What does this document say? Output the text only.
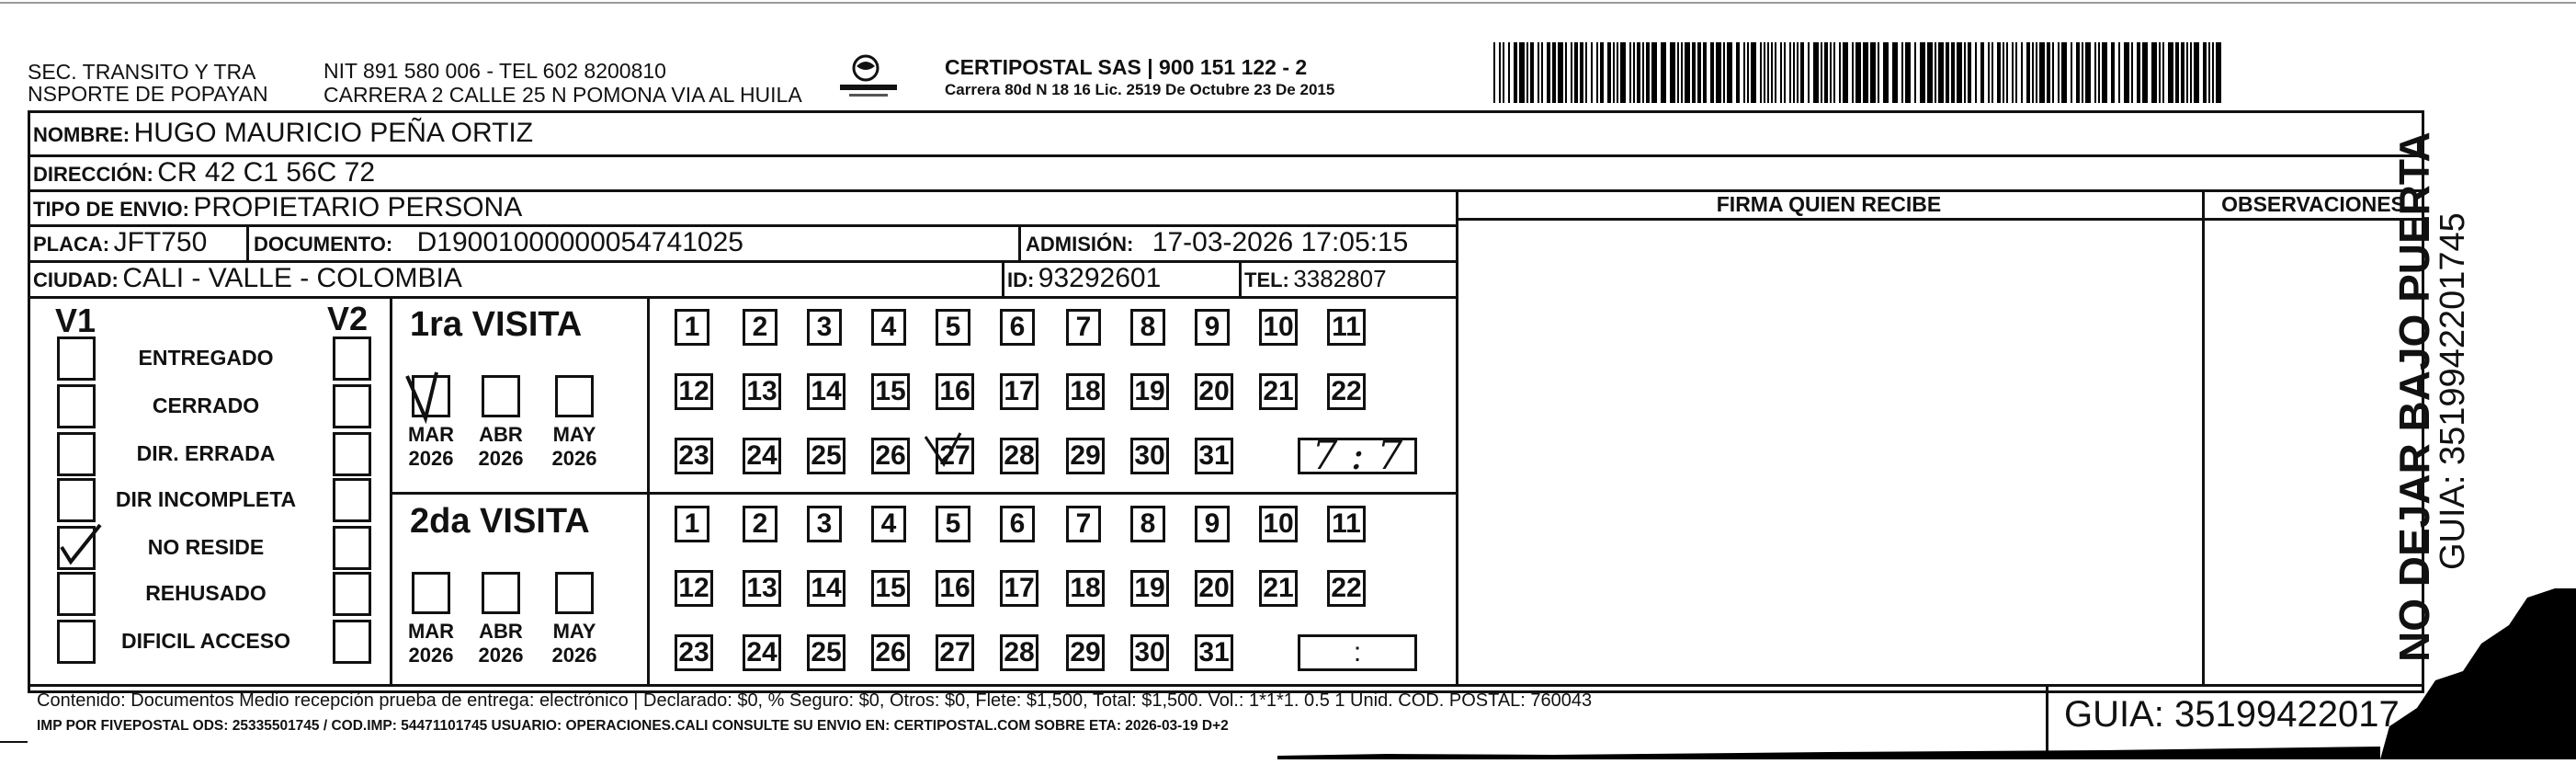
SEC. TRANSITO Y TRA
NSPORTE DE POPAYAN
NIT 891 580 006 - TEL 602 8200810
CARRERA 2 CALLE 25 N POMONA VIA AL HUILA
CERTIPOSTAL SAS | 900 151 122 - 2
Carrera 80d N 18 16 Lic. 2519 De Octubre 23 De 2015
NOMBRE: HUGO MAURICIO PEÑA ORTIZ
DIRECCIÓN: CR 42 C1 56C 72
TIPO DE ENVIO: PROPIETARIO PERSONA	FIRMA QUIEN RECIBE	OBSERVACIONES
PLACA: JFT750 DOCUMENTO: D19001000000054741025	ADMISIÓN: 17-03-2026 17:05:15
CIUDAD: CALI - VALLE - COLOMBIA	ID: 93292601	TEL: 3382807
V1	V2
ENTREGADO
CERRADO
DIR. ERRADA
DIR INCOMPLETA
NO RESIDE
REHUSADO
DIFICIL ACCESO
1ra VISITA
MAR
2026
ABR
2026
MAY
2026
1	2	3	4	5	6	7	8	9	10 11
12 13 14 15 16 17 18 19 20 21 22
23 24 25 26 27 28 29 30 31	7 : 7
2da VISITA
MAR
2026
ABR
2026
MAY
2026
1	2	3	4	5	6	7	8	9	10 11
12 13 14 15 16 17 18 19 20 21 22
23 24 25 26 27 28 29 30 31	:
Contenido: Documentos Medio recepción prueba de entrega: electrónico | Declarado: $0, % Seguro: $0, Otros: $0, Flete: $1,500, Total: $1,500. Vol.: 1*1*1. 0.5 1 Unid. COD. POSTAL: 760043
IMP POR FIVEPOSTAL ODS: 25335501745 / COD.IMP: 54471101745 USUARIO: OPERACIONES.CALI CONSULTE SU ENVIO EN: CERTIPOSTAL.COM SOBRE ETA: 2026-03-19 D+2	GUIA: 35199422017
NO DEJAR BAJO PUERTA
GUIA: 3519942201745
